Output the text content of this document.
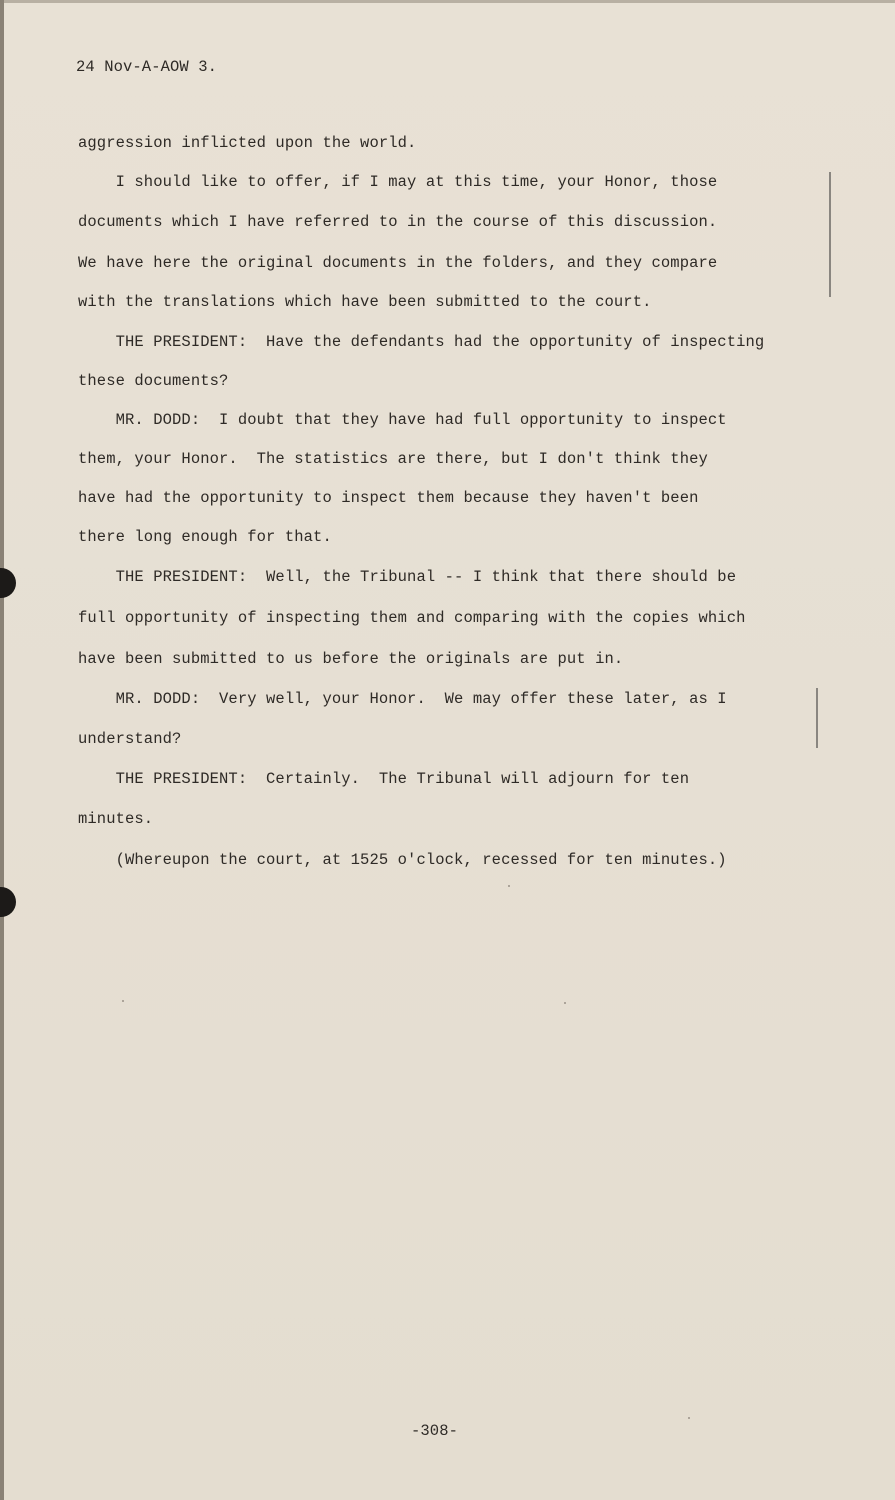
24 Nov-A-AOW 3.
aggression inflicted upon the world.
I should like to offer, if I may at this time, your Honor, those
documents which I have referred to in the course of this discussion.
We have here the original documents in the folders, and they compare
with the translations which have been submitted to the court.
THE PRESIDENT:  Have the defendants had the opportunity of inspecting
these documents?
MR. DODD:  I doubt that they have had full opportunity to inspect
them, your Honor.  The statistics are there, but I don't think they
have had the opportunity to inspect them because they haven't been
there long enough for that.
THE PRESIDENT:  Well, the Tribunal -- I think that there should be
full opportunity of inspecting them and comparing with the copies which
have been submitted to us before the originals are put in.
MR. DODD:  Very well, your Honor.  We may offer these later, as I
understand?
THE PRESIDENT:  Certainly.  The Tribunal will adjourn for ten
minutes.
(Whereupon the court, at 1525 o'clock, recessed for ten minutes.)
-308-
